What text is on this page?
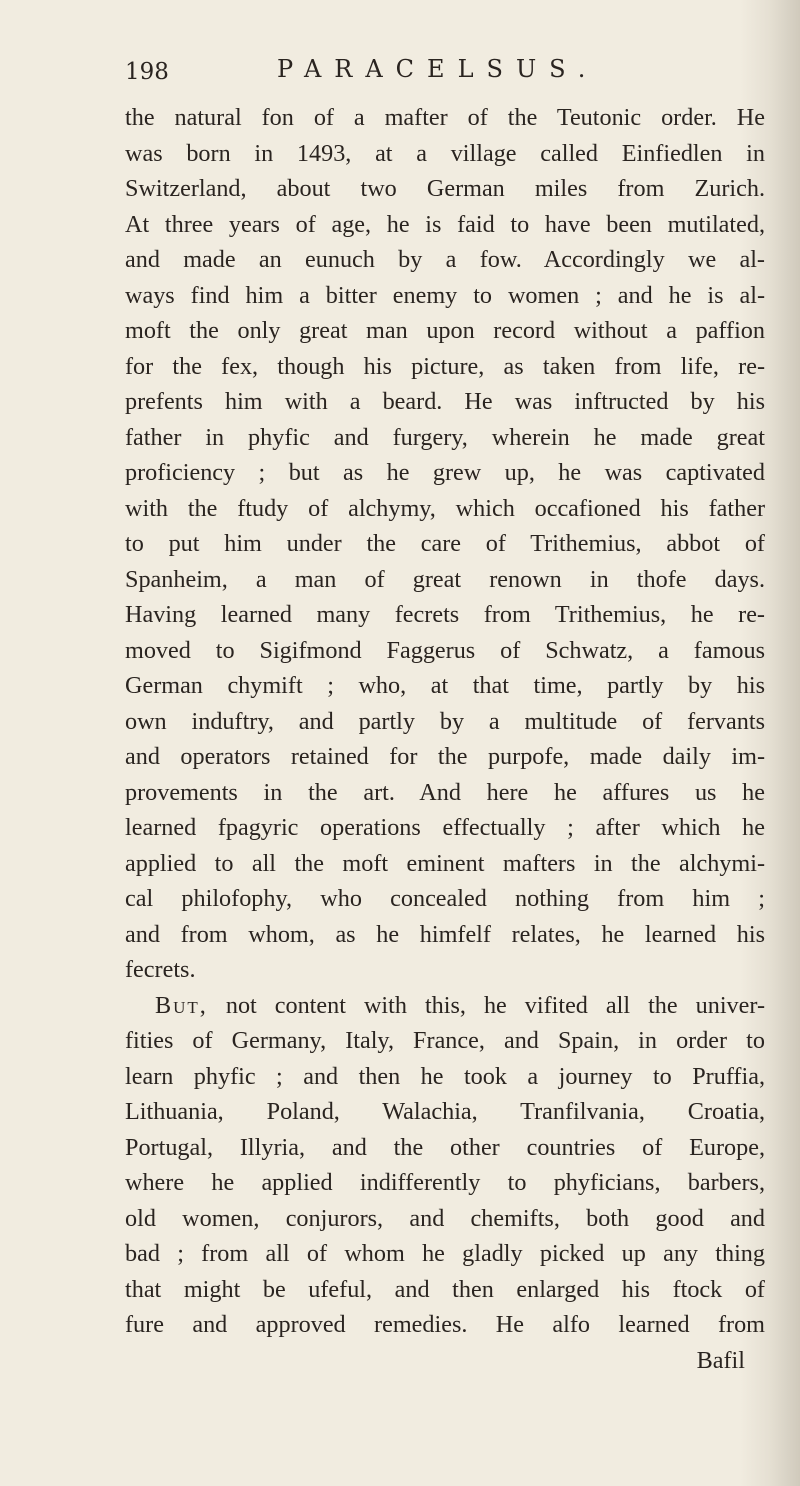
198	PARACELSUS.
the natural fon of a mafter of the Teutonic order. He
was born in 1493, at a village called Einfiedlen in
Switzerland, about two German miles from Zurich.
At three years of age, he is faid to have been mutilated,
and made an eunuch by a fow. Accordingly we al-
ways find him a bitter enemy to women ; and he is al-
moft the only great man upon record without a paffion
for the fex, though his picture, as taken from life, re-
prefents him with a beard. He was inftructed by his
father in phyfic and furgery, wherein he made great
proficiency ; but as he grew up, he was captivated
with the ftudy of alchymy, which occafioned his father
to put him under the care of Trithemius, abbot of
Spanheim, a man of great renown in thofe days.
Having learned many fecrets from Trithemius, he re-
moved to Sigifmond Faggerus of Schwatz, a famous
German chymift ; who, at that time, partly by his
own induftry, and partly by a multitude of fervants
and operators retained for the purpofe, made daily im-
provements in the art. And here he affures us he
learned fpagyric operations effectually ; after which he
applied to all the moft eminent mafters in the alchymi-
cal philofophy, who concealed nothing from him ;
and from whom, as he himfelf relates, he learned his
fecrets.
But, not content with this, he vifited all the univer-
fities of Germany, Italy, France, and Spain, in order to
learn phyfic ; and then he took a journey to Pruffia,
Lithuania, Poland, Walachia, Tranfilvania, Croatia,
Portugal, Illyria, and the other countries of Europe,
where he applied indifferently to phyficians, barbers,
old women, conjurors, and chemifts, both good and
bad ; from all of whom he gladly picked up any thing
that might be ufeful, and then enlarged his ftock of
fure and approved remedies. He alfo learned from
Bafil
